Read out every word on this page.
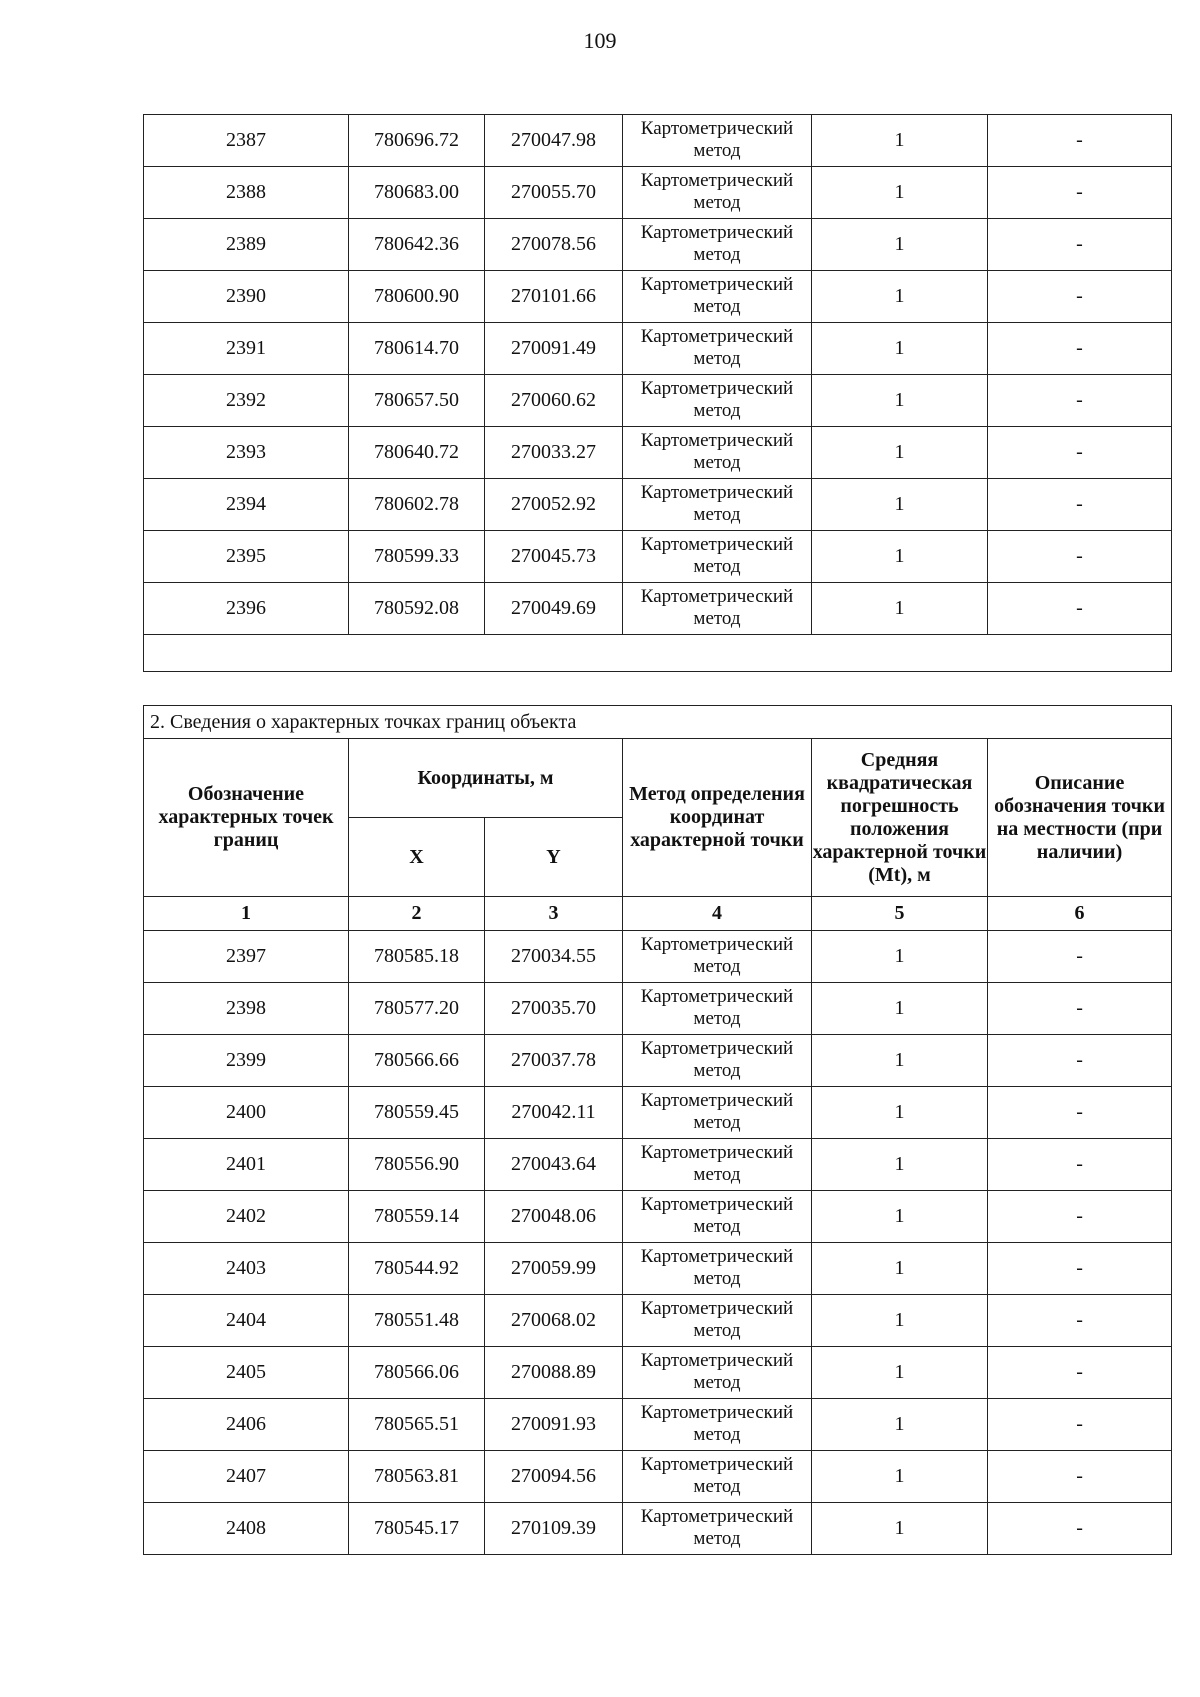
109
2387	780696.72	270047.98	Картометрический метод	1	-
2388	780683.00	270055.70	Картометрический метод	1	-
2389	780642.36	270078.56	Картометрический метод	1	-
2390	780600.90	270101.66	Картометрический метод	1	-
2391	780614.70	270091.49	Картометрический метод	1	-
2392	780657.50	270060.62	Картометрический метод	1	-
2393	780640.72	270033.27	Картометрический метод	1	-
2394	780602.78	270052.92	Картометрический метод	1	-
2395	780599.33	270045.73	Картометрический метод	1	-
2396	780592.08	270049.69	Картометрический метод	1	-

2. Сведения о характерных точках границ объекта					
Обозначение характерных точек границ	Координаты, м		Метод определения координат характерной точки	Средняя квадратическая погрешность положения характерной точки (Mt), м	Описание обозначения точки на местности (при наличии)
	X	Y			
1	2	3	4	5	6
2397	780585.18	270034.55	Картометрический метод	1	-
2398	780577.20	270035.70	Картометрический метод	1	-
2399	780566.66	270037.78	Картометрический метод	1	-
2400	780559.45	270042.11	Картометрический метод	1	-
2401	780556.90	270043.64	Картометрический метод	1	-
2402	780559.14	270048.06	Картометрический метод	1	-
2403	780544.92	270059.99	Картометрический метод	1	-
2404	780551.48	270068.02	Картометрический метод	1	-
2405	780566.06	270088.89	Картометрический метод	1	-
2406	780565.51	270091.93	Картометрический метод	1	-
2407	780563.81	270094.56	Картометрический метод	1	-
2408	780545.17	270109.39	Картометрический метод	1	-
